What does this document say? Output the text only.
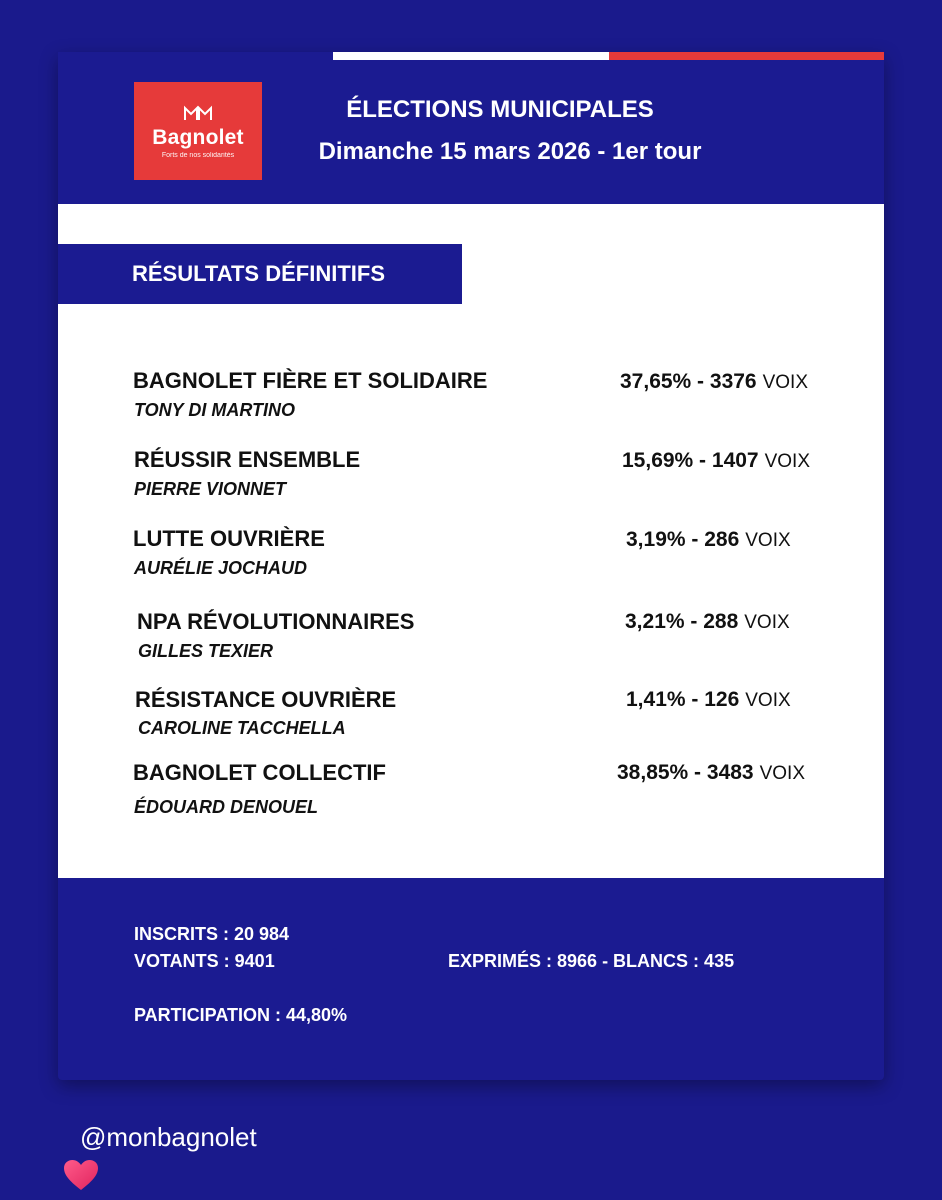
Bagnolet
Forts de nos solidarités
ÉLECTIONS MUNICIPALES
Dimanche 15 mars 2026 - 1er tour
RÉSULTATS DÉFINITIFS
BAGNOLET FIÈRE ET SOLIDAIRE
TONY DI MARTINO
37,65% - 3376 VOIX
RÉUSSIR ENSEMBLE
PIERRE VIONNET
15,69% - 1407 VOIX
LUTTE OUVRIÈRE
AURÉLIE JOCHAUD
3,19% - 286 VOIX
NPA RÉVOLUTIONNAIRES
GILLES TEXIER
3,21% - 288 VOIX
RÉSISTANCE OUVRIÈRE
CAROLINE TACCHELLA
1,41% - 126 VOIX
BAGNOLET COLLECTIF
ÉDOUARD DENOUEL
38,85% - 3483 VOIX
INSCRITS : 20 984
VOTANTS : 9401	EXPRIMÉS : 8966 - BLANCS : 435
PARTICIPATION : 44,80%
@monbagnolet
